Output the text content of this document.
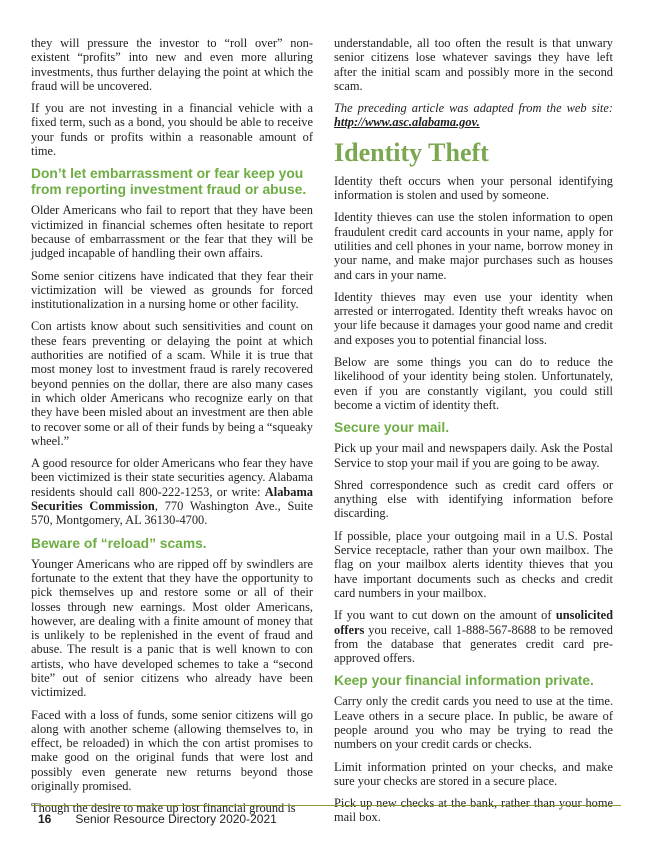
they will pressure the investor to “roll over” non-existent “profits” into new and even more alluring investments, thus further delaying the point at which the fraud will be uncovered.

If you are not investing in a financial vehicle with a fixed term, such as a bond, you should be able to receive your funds or profits within a reasonable amount of time.

Don’t let embarrassment or fear keep you from reporting investment fraud or abuse.

Older Americans who fail to report that they have been victimized in financial schemes often hesitate to report because of embarrassment or the fear that they will be judged incapable of handling their own affairs.

Some senior citizens have indicated that they fear their victimization will be viewed as grounds for forced institutionalization in a nursing home or other facility.

Con artists know about such sensitivities and count on these fears preventing or delaying the point at which authorities are notified of a scam. While it is true that most money lost to investment fraud is rarely recovered beyond pennies on the dollar, there are also many cases in which older Americans who recognize early on that they have been misled about an investment are then able to recover some or all of their funds by being a “squeaky wheel.”

A good resource for older Americans who fear they have been victimized is their state securities agency. Alabama residents should call 800-222-1253, or write: Alabama Securities Commission, 770 Washington Ave., Suite 570, Montgomery, AL 36130-4700.

Beware of “reload” scams.

Younger Americans who are ripped off by swindlers are fortunate to the extent that they have the opportunity to pick themselves up and restore some or all of their losses through new earnings. Most older Americans, however, are dealing with a finite amount of money that is unlikely to be replenished in the event of fraud and abuse. The result is a panic that is well known to con artists, who have developed schemes to take a “second bite” out of senior citizens who already have been victimized.

Faced with a loss of funds, some senior citizens will go along with another scheme (allowing themselves to, in effect, be reloaded) in which the con artist promises to make good on the original funds that were lost and possibly even generate new returns beyond those originally promised.

Though the desire to make up lost financial ground is

understandable, all too often the result is that unwary senior citizens lose whatever savings they have left after the initial scam and possibly more in the second scam.

The preceding article was adapted from the web site: http://www.asc.alabama.gov.

Identity Theft

Identity theft occurs when your personal identifying information is stolen and used by someone.

Identity thieves can use the stolen information to open fraudulent credit card accounts in your name, apply for utilities and cell phones in your name, borrow money in your name, and make major purchases such as houses and cars in your name.

Identity thieves may even use your identity when arrested or interrogated. Identity theft wreaks havoc on your life because it damages your good name and credit and exposes you to potential financial loss.

Below are some things you can do to reduce the likelihood of your identity being stolen. Unfortunately, even if you are constantly vigilant, you could still become a victim of identity theft.

Secure your mail.

Pick up your mail and newspapers daily. Ask the Postal Service to stop your mail if you are going to be away.

Shred correspondence such as credit card offers or anything else with identifying information before discarding.

If possible, place your outgoing mail in a U.S. Postal Service receptacle, rather than your own mailbox. The flag on your mailbox alerts identity thieves that you have important documents such as checks and credit card numbers in your mailbox.

If you want to cut down on the amount of unsolicited offers you receive, call 1-888-567-8688 to be removed from the database that generates credit card pre-approved offers.

Keep your financial information private.

Carry only the credit cards you need to use at the time. Leave others in a secure place. In public, be aware of people around you who may be trying to read the numbers on your credit cards or checks.

Limit information printed on your checks, and make sure your checks are stored in a secure place.

Pick up new checks at the bank, rather than your home mail box.

16 Senior Resource Directory 2020-2021
